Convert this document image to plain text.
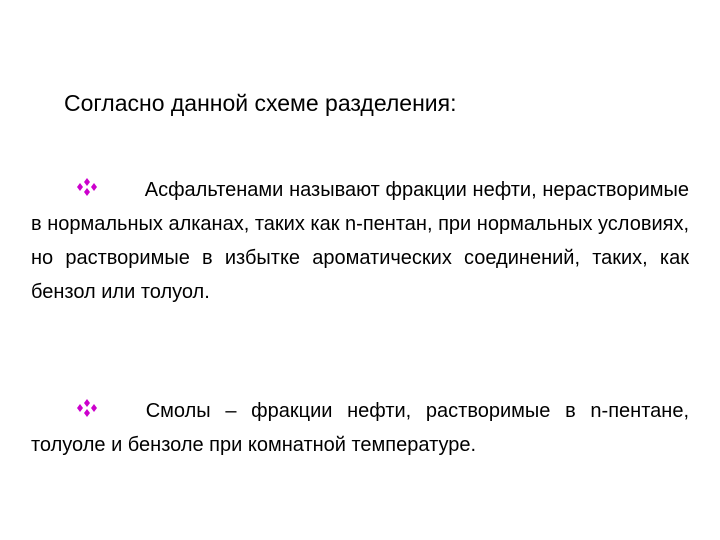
Согласно данной схеме разделения:

Асфальтенами называют фракции нефти, нерастворимые в нормальных алканах, таких как n-пентан, при нормальных условиях, но растворимые в избытке ароматических соединений, таких, как бензол или толуол.

Смолы – фракции нефти, растворимые в n-пентане, толуоле и бензоле при комнатной температуре.
